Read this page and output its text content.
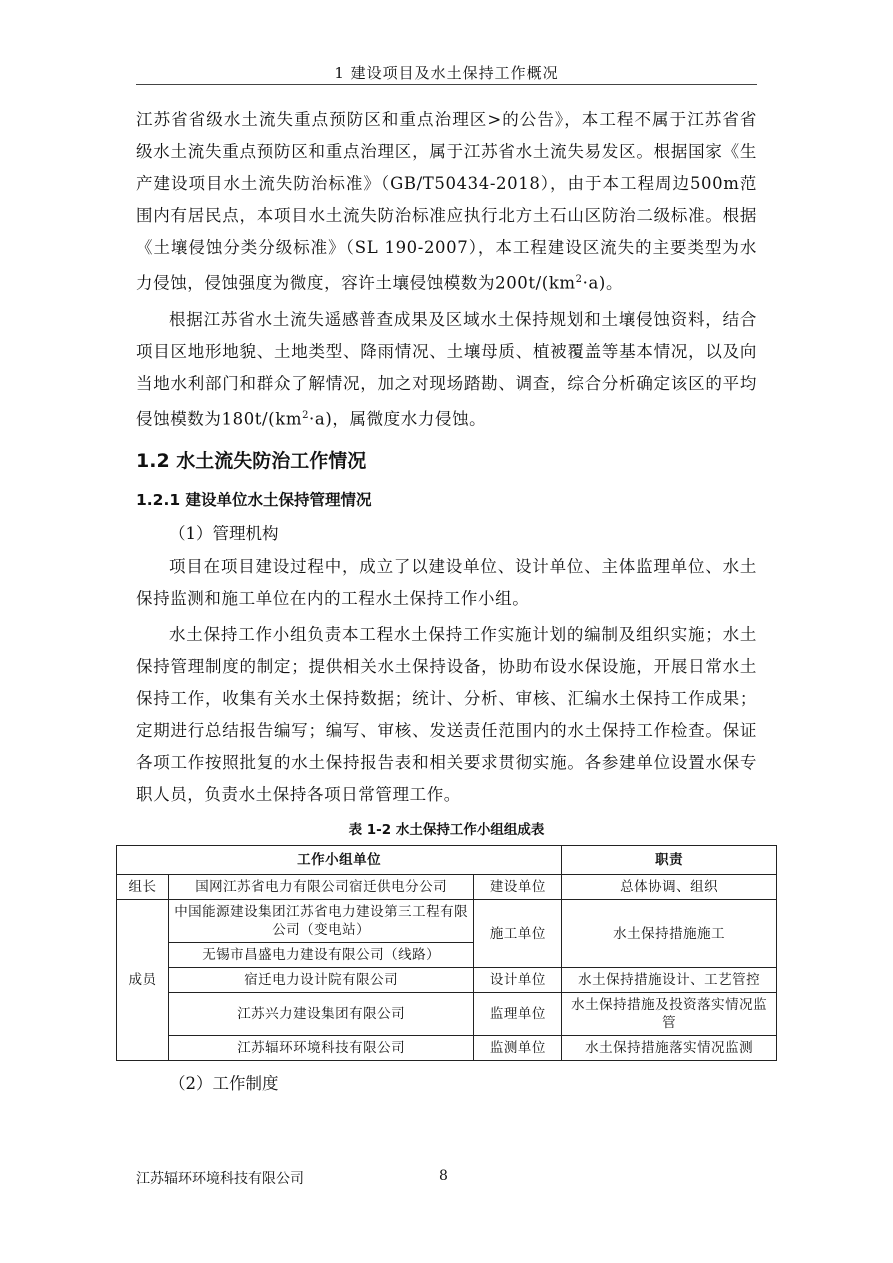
1 建设项目及水土保持工作概况

江苏省省级水土流失重点预防区和重点治理区>的公告》，本工程不属于江苏省省级水土流失重点预防区和重点治理区，属于江苏省水土流失易发区。根据国家《生产建设项目水土流失防治标准》（GB/T50434-2018），由于本工程周边500m范围内有居民点，本项目水土流失防治标准应执行北方土石山区防治二级标准。根据《土壤侵蚀分类分级标准》（SL 190-2007），本工程建设区流失的主要类型为水力侵蚀，侵蚀强度为微度，容许土壤侵蚀模数为$200t/(km^2\cdot a)$。

根据江苏省水土流失遥感普查成果及区域水土保持规划和土壤侵蚀资料，结合项目区地形地貌、土地类型、降雨情况、土壤母质、植被覆盖等基本情况，以及向当地水利部门和群众了解情况，加之对现场踏勘、调查，综合分析确定该区的平均侵蚀模数为$180t/(km^2\cdot a)$，属微度水力侵蚀。

1.2 水土流失防治工作情况
1.2.1 建设单位水土保持管理情况

（1）管理机构

项目在项目建设过程中，成立了以建设单位、设计单位、主体监理单位、水土保持监测和施工单位在内的工程水土保持工作小组。

水土保持工作小组负责本工程水土保持工作实施计划的编制及组织实施；水土保持管理制度的制定；提供相关水土保持设备，协助布设水保设施，开展日常水土保持工作，收集有关水土保持数据；统计、分析、审核、汇编水土保持工作成果；定期进行总结报告编写；编写、审核、发送责任范围内的水土保持工作检查。保证各项工作按照批复的水土保持报告表和相关要求贯彻实施。各参建单位设置水保专职人员，负责水土保持各项日常管理工作。

表 1-2 水土保持工作小组组成表
工作小组单位			职责
组长	国网江苏省电力有限公司宿迁供电分公司	建设单位	总体协调、组织
成员	中国能源建设集团江苏省电力建设第三工程有限公司（变电站）	施工单位	水土保持措施施工
	无锡市昌盛电力建设有限公司（线路）		
	宿迁电力设计院有限公司	设计单位	水土保持措施设计、工艺管控
	江苏兴力建设集团有限公司	监理单位	水土保持措施及投资落实情况监管
	江苏辐环环境科技有限公司	监测单位	水土保持措施落实情况监测

（2）工作制度

江苏辐环环境科技有限公司	8
